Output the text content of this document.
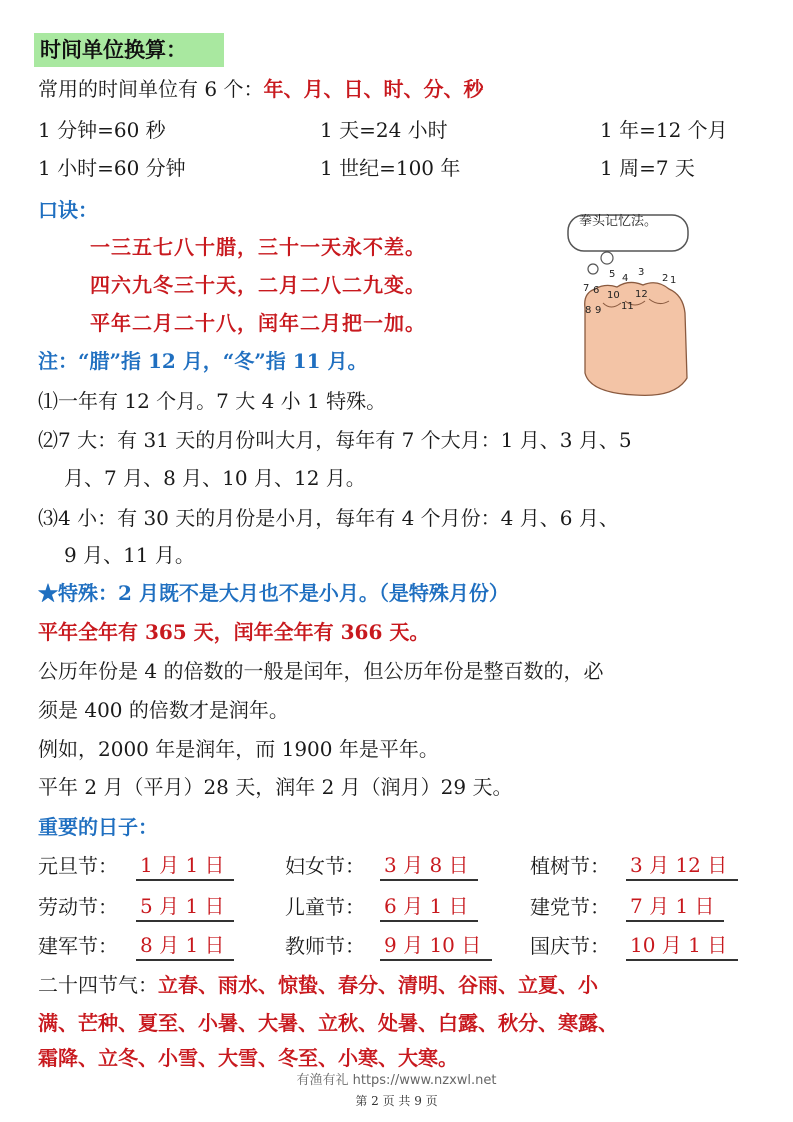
时间单位换算：
常用的时间单位有 6 个：年、月、日、时、分、秒
1 分钟=60 秒	1 天=24 小时	1 年=12 个月
1 小时=60 分钟	1 世纪=100 年	1 周=7 天
口诀：
一三五七八十腊，三十一天永不差。
四六九冬三十天，二月二八二九变。
平年二月二十八，闰年二月把一加。
拳头记忆法。
1
2
3
4
5
6
7
8 9
10
11
12
注：“腊”指 12 月，“冬”指 11 月。
⑴一年有 12 个月。7 大 4 小 1 特殊。
⑵7 大：有 31 天的月份叫大月，每年有 7 个大月：1 月、3 月、5
月、7 月、8 月、10 月、12 月。
⑶4 小：有 30 天的月份是小月，每年有 4 个月份：4 月、6 月、
9 月、11 月。
★特殊：2 月既不是大月也不是小月。（是特殊月份）
平年全年有 365 天，闰年全年有 366 天。
公历年份是 4 的倍数的一般是闰年，但公历年份是整百数的，必
须是 400 的倍数才是润年。
例如，2000 年是润年，而 1900 年是平年。
平年 2 月（平月）28 天，润年 2 月（润月）29 天。
重要的日子：
元旦节： 1 月 1 日	妇女节： 3 月 8 日	植树节： 3 月 12 日
劳动节： 5 月 1 日	儿童节： 6 月 1 日	建党节： 7 月 1 日
建军节： 8 月 1 日	教师节： 9 月 10 日	国庆节： 10 月 1 日
二十四节气：立春、雨水、惊蛰、春分、清明、谷雨、立夏、小
满、芒种、夏至、小暑、大暑、立秋、处暑、白露、秋分、寒露、
霜降、立冬、小雪、大雪、冬至、小寒、大寒。
有渔有礼 https://www.nzxwl.net
第 2 页 共 9 页
